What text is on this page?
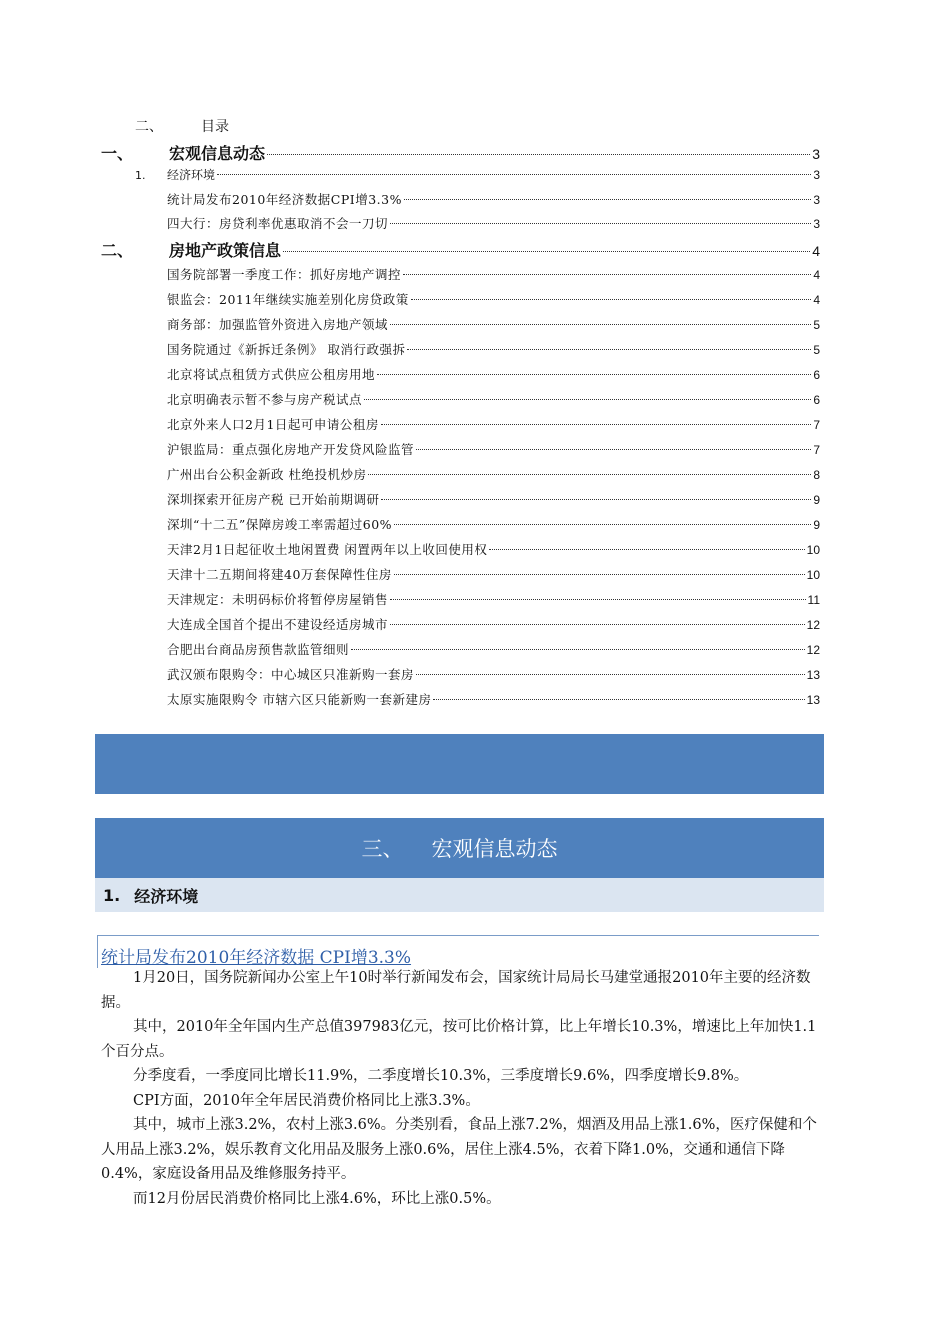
二、	目录
一、	宏观信息动态	3
1.	经济环境	3
统计局发布2010年经济数据CPI增3.3%	3
四大行：房贷利率优惠取消不会一刀切	3
二、	房地产政策信息	4
国务院部署一季度工作：抓好房地产调控	4
银监会：2011年继续实施差别化房贷政策	4
商务部：加强监管外资进入房地产领域	5
国务院通过《新拆迁条例》 取消行政强拆	5
北京将试点租赁方式供应公租房用地	6
北京明确表示暂不参与房产税试点	6
北京外来人口2月1日起可申请公租房	7
沪银监局：重点强化房地产开发贷风险监管	7
广州出台公积金新政 杜绝投机炒房	8
深圳探索开征房产税 已开始前期调研	9
深圳“十二五”保障房竣工率需超过60%	9
天津2月1日起征收土地闲置费 闲置两年以上收回使用权	10
天津十二五期间将建40万套保障性住房	10
天津规定：未明码标价将暂停房屋销售	11
大连成全国首个提出不建设经适房城市	12
合肥出台商品房预售款监管细则	12
武汉颁布限购令：中心城区只准新购一套房	13
太原实施限购令 市辖六区只能新购一套新建房	13
三、 宏观信息动态
1. 经济环境
统计局发布2010年经济数据 CPI增3.3%

1月20日，国务院新闻办公室上午10时举行新闻发布会，国家统计局局长马建堂通报2010年主要的经济数据。

其中，2010年全年国内生产总值397983亿元，按可比价格计算，比上年增长10.3%，增速比上年加快1.1个百分点。

分季度看，一季度同比增长11.9%，二季度增长10.3%，三季度增长9.6%，四季度增长9.8%。

CPI方面，2010年全年居民消费价格同比上涨3.3%。

其中，城市上涨3.2%，农村上涨3.6%。分类别看，食品上涨7.2%，烟酒及用品上涨1.6%，医疗保健和个人用品上涨3.2%，娱乐教育文化用品及服务上涨0.6%，居住上涨4.5%，衣着下降1.0%，交通和通信下降0.4%，家庭设备用品及维修服务持平。

而12月份居民消费价格同比上涨4.6%，环比上涨0.5%。
